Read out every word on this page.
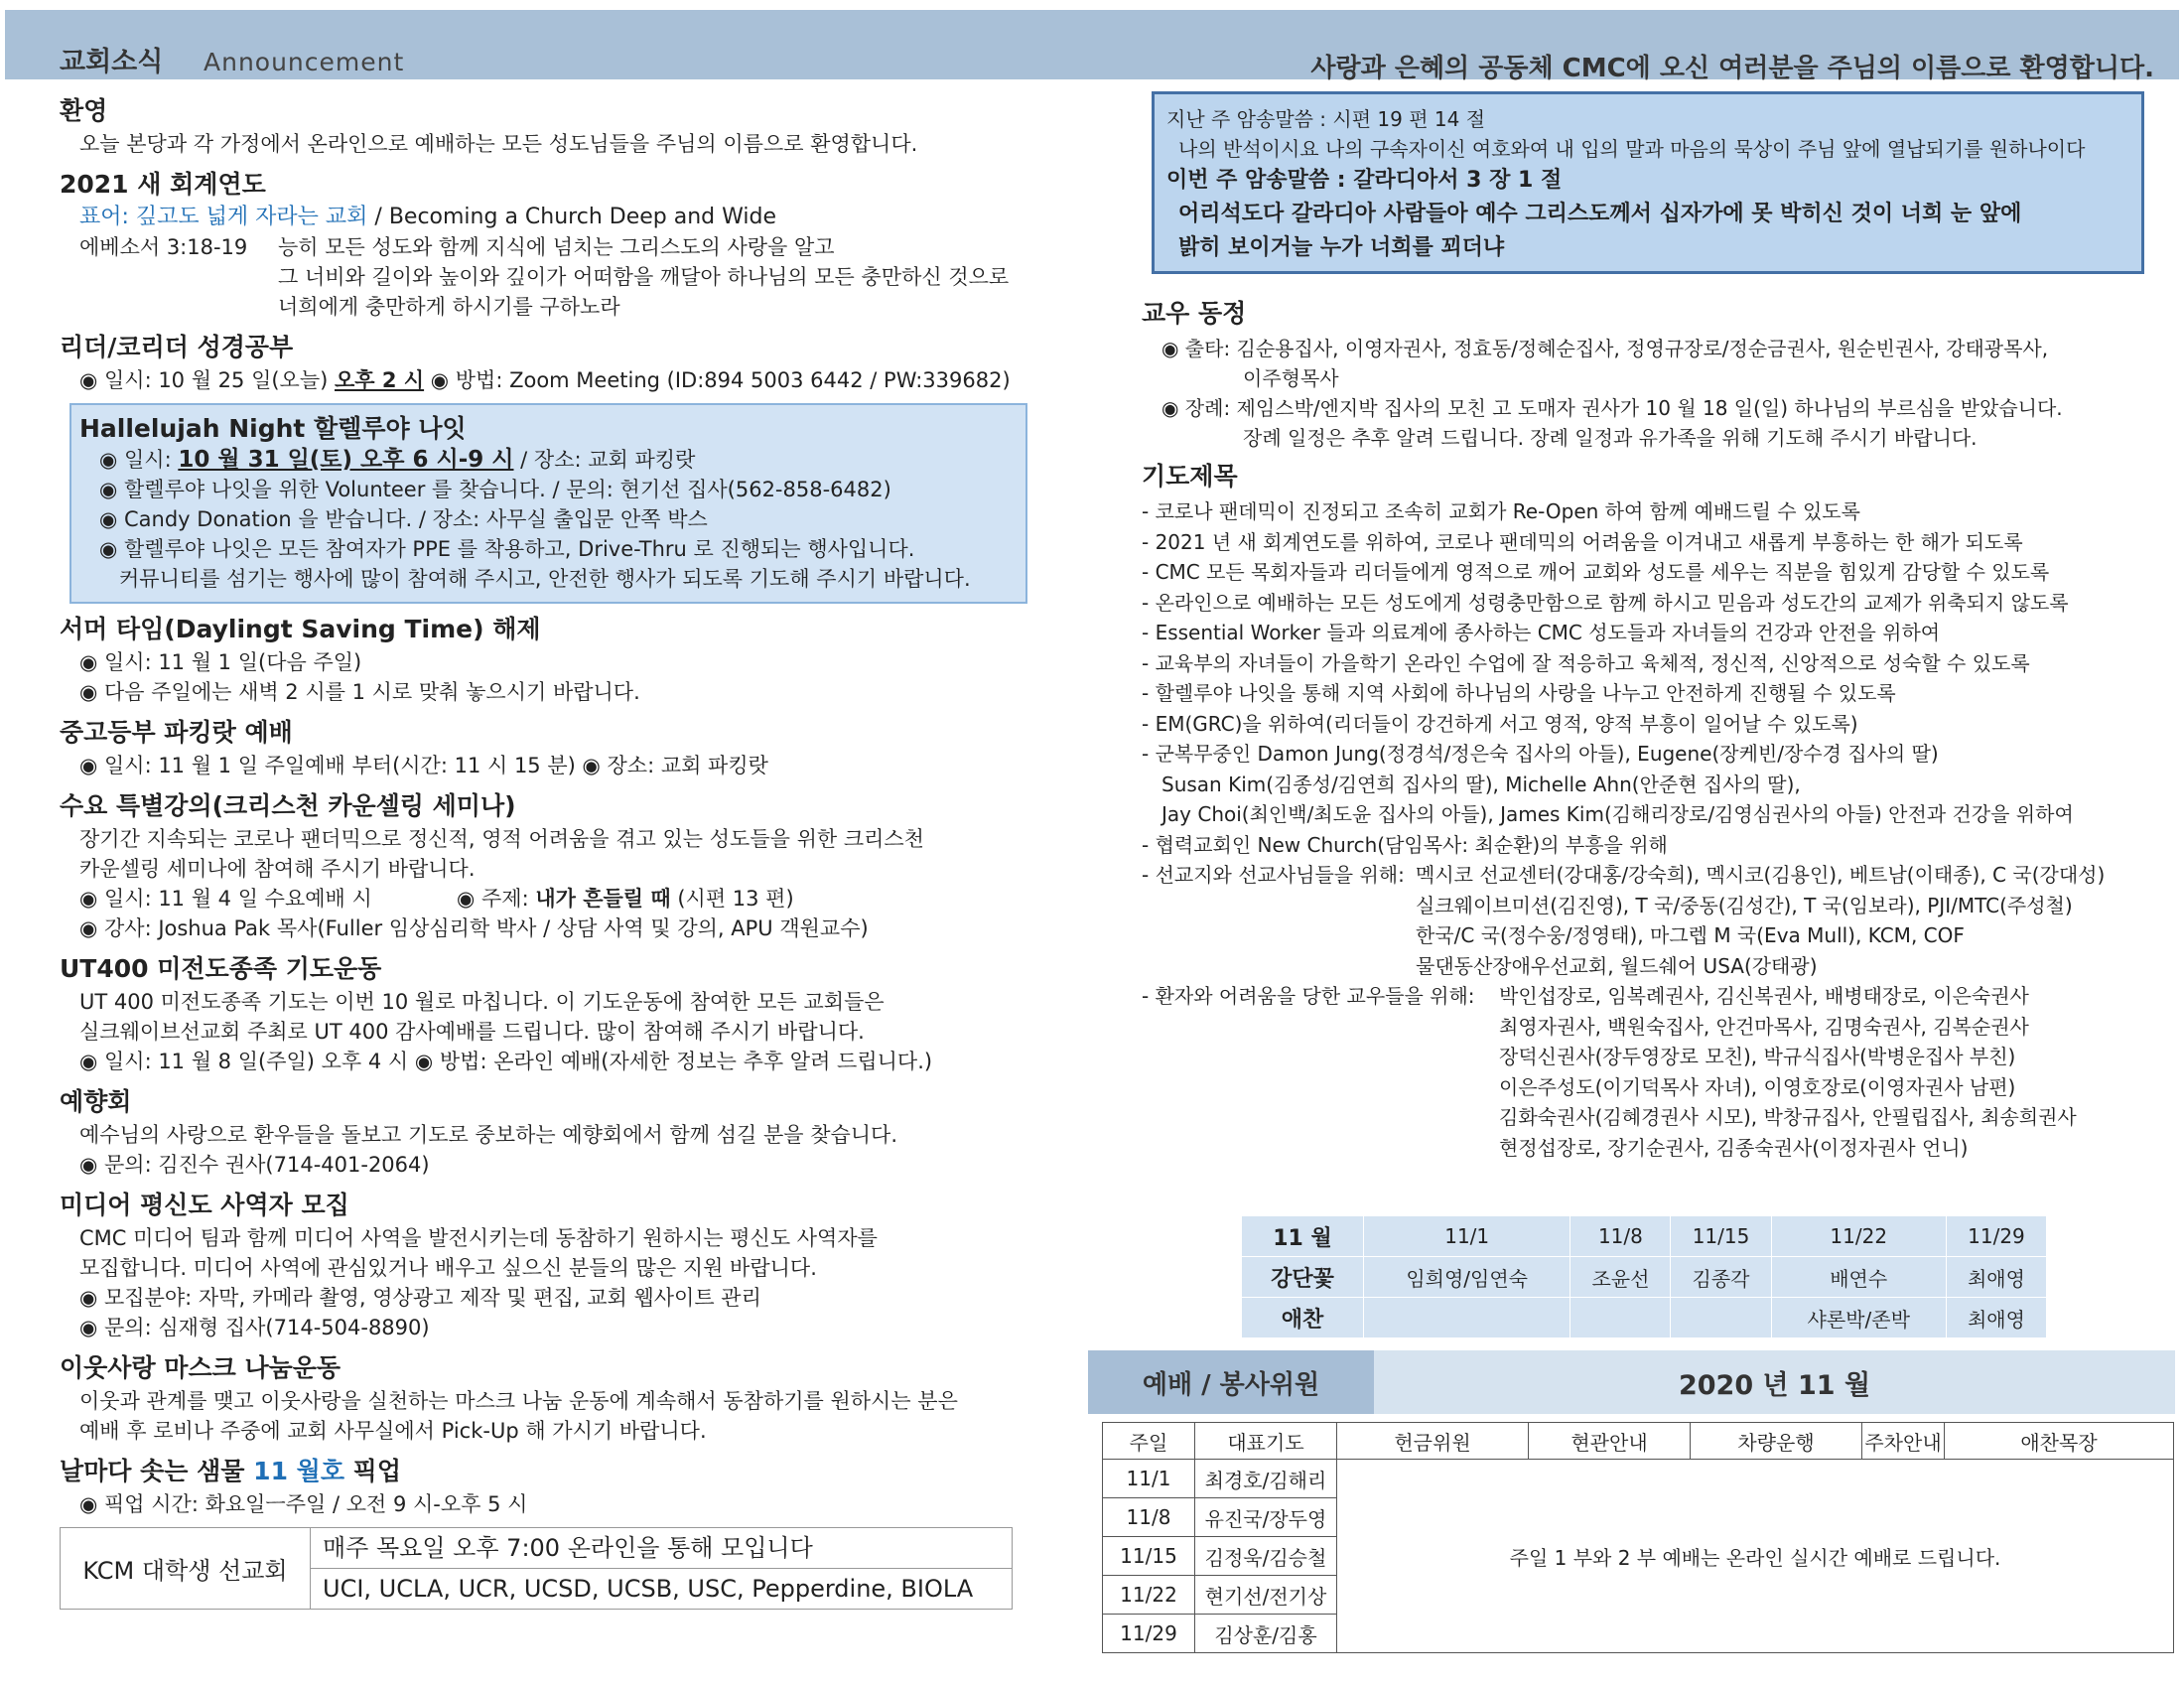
교회소식 Announcement	사랑과 은혜의 공동체 CMC에 오신 여러분을 주님의 이름으로 환영합니다.
환영
오늘 본당과 각 가정에서 온라인으로 예배하는 모든 성도님들을 주님의 이름으로 환영합니다.
2021 새 회계연도
표어: 깊고도 넓게 자라는 교회 / Becoming a Church Deep and Wide
에베소서 3:18-19	능히 모든 성도와 함께 지식에 넘치는 그리스도의 사랑을 알고
그 너비와 길이와 높이와 깊이가 어떠함을 깨달아 하나님의 모든 충만하신 것으로
너희에게 충만하게 하시기를 구하노라
리더/코리더 성경공부
◉ 일시: 10 월 25 일(오늘) 오후 2 시 ◉ 방법: Zoom Meeting (ID:894 5003 6442 / PW:339682)
Hallelujah Night 할렐루야 나잇
◉ 일시: 10 월 31 일(토) 오후 6 시-9 시 / 장소: 교회 파킹랏
◉ 할렐루야 나잇을 위한 Volunteer 를 찾습니다. / 문의: 현기선 집사(562-858-6482)
◉ Candy Donation 을 받습니다. / 장소: 사무실 출입문 안쪽 박스
◉ 할렐루야 나잇은 모든 참여자가 PPE 를 착용하고, Drive-Thru 로 진행되는 행사입니다.
커뮤니티를 섬기는 행사에 많이 참여해 주시고, 안전한 행사가 되도록 기도해 주시기 바랍니다.
서머 타임(Daylingt Saving Time) 해제
◉ 일시: 11 월 1 일(다음 주일)
◉ 다음 주일에는 새벽 2 시를 1 시로 맞춰 놓으시기 바랍니다.
중고등부 파킹랏 예배
◉ 일시: 11 월 1 일 주일예배 부터(시간: 11 시 15 분) ◉ 장소: 교회 파킹랏
수요 특별강의(크리스천 카운셀링 세미나)
장기간 지속되는 코로나 팬더믹으로 정신적, 영적 어려움을 겪고 있는 성도들을 위한 크리스천
카운셀링 세미나에 참여해 주시기 바랍니다.
◉ 일시: 11 월 4 일 수요예배 시	◉ 주제: 내가 흔들릴 때 (시편 13 편)
◉ 강사: Joshua Pak 목사(Fuller 임상심리학 박사 / 상담 사역 및 강의, APU 객원교수)
UT400 미전도종족 기도운동
UT 400 미전도종족 기도는 이번 10 월로 마칩니다. 이 기도운동에 참여한 모든 교회들은
실크웨이브선교회 주최로 UT 400 감사예배를 드립니다. 많이 참여해 주시기 바랍니다.
◉ 일시: 11 월 8 일(주일) 오후 4 시 ◉ 방법: 온라인 예배(자세한 정보는 추후 알려 드립니다.)
예향회
예수님의 사랑으로 환우들을 돌보고 기도로 중보하는 예향회에서 함께 섬길 분을 찾습니다.
◉ 문의: 김진수 권사(714-401-2064)
미디어 평신도 사역자 모집
CMC 미디어 팀과 함께 미디어 사역을 발전시키는데 동참하기 원하시는 평신도 사역자를
모집합니다. 미디어 사역에 관심있거나 배우고 싶으신 분들의 많은 지원 바랍니다.
◉ 모집분야: 자막, 카메라 촬영, 영상광고 제작 및 편집, 교회 웹사이트 관리
◉ 문의: 심재형 집사(714-504-8890)
이웃사랑 마스크 나눔운동
이웃과 관계를 맺고 이웃사랑을 실천하는 마스크 나눔 운동에 계속해서 동참하기를 원하시는 분은
예배 후 로비나 주중에 교회 사무실에서 Pick-Up 해 가시기 바랍니다.
날마다 솟는 샘물 11 월호 픽업
◉ 픽업 시간: 화요일ㅡ주일 / 오전 9 시-오후 5 시
KCM 대학생 선교회
매주 목요일 오후 7:00 온라인을 통해 모입니다
UCI, UCLA, UCR, UCSD, UCSB, USC, Pepperdine, BIOLA
지난 주 암송말씀 : 시편 19 편 14 절
나의 반석이시요 나의 구속자이신 여호와여 내 입의 말과 마음의 묵상이 주님 앞에 열납되기를 원하나이다
이번 주 암송말씀 : 갈라디아서 3 장 1 절
어리석도다 갈라디아 사람들아 예수 그리스도께서 십자가에 못 박히신 것이 너희 눈 앞에
밝히 보이거늘 누가 너희를 꾀더냐
교우 동정
◉ 출타: 김순용집사, 이영자권사, 정효동/정혜순집사, 정영규장로/정순금권사, 원순빈권사, 강태광목사,
이주형목사
◉ 장례: 제임스박/엔지박 집사의 모친 고 도매자 권사가 10 월 18 일(일) 하나님의 부르심을 받았습니다.
장례 일정은 추후 알려 드립니다. 장례 일정과 유가족을 위해 기도해 주시기 바랍니다.
기도제목
- 코로나 팬데믹이 진정되고 조속히 교회가 Re-Open 하여 함께 예배드릴 수 있도록
- 2021 년 새 회계연도를 위하여, 코로나 팬데믹의 어려움을 이겨내고 새롭게 부흥하는 한 해가 되도록
- CMC 모든 목회자들과 리더들에게 영적으로 깨어 교회와 성도를 세우는 직분을 힘있게 감당할 수 있도록
- 온라인으로 예배하는 모든 성도에게 성령충만함으로 함께 하시고 믿음과 성도간의 교제가 위축되지 않도록
- Essential Worker 들과 의료계에 종사하는 CMC 성도들과 자녀들의 건강과 안전을 위하여
- 교육부의 자녀들이 가을학기 온라인 수업에 잘 적응하고 육체적, 정신적, 신앙적으로 성숙할 수 있도록
- 할렐루야 나잇을 통해 지역 사회에 하나님의 사랑을 나누고 안전하게 진행될 수 있도록
- EM(GRC)을 위하여(리더들이 강건하게 서고 영적, 양적 부흥이 일어날 수 있도록)
- 군복무중인 Damon Jung(정경석/정은숙 집사의 아들), Eugene(장케빈/장수경 집사의 딸)
Susan Kim(김종성/김연희 집사의 딸), Michelle Ahn(안준현 집사의 딸),
Jay Choi(최인백/최도윤 집사의 아들), James Kim(김해리장로/김영심권사의 아들) 안전과 건강을 위하여
- 협력교회인 New Church(담임목사: 최순환)의 부흥을 위해
- 선교지와 선교사님들을 위해: 멕시코 선교센터(강대홍/강숙희), 멕시코(김용인), 베트남(이태종), C 국(강대성)
실크웨이브미션(김진영), T 국/중동(김성간), T 국(임보라), PJI/MTC(주성철)
한국/C 국(정수웅/정영태), 마그렙 M 국(Eva Mull), KCM, COF
물댄동산장애우선교회, 월드쉐어 USA(강태광)
- 환자와 어려움을 당한 교우들을 위해:	박인섭장로, 임복례권사, 김신복권사, 배병태장로, 이은숙권사
최영자권사, 백원숙집사, 안건마목사, 김명숙권사, 김복순권사
장덕신권사(장두영장로 모친), 박규식집사(박병운집사 부친)
이은주성도(이기덕목사 자녀), 이영호장로(이영자권사 남편)
김화숙권사(김혜경권사 시모), 박창규집사, 안필립집사, 최송희권사
현정섭장로, 장기순권사, 김종숙권사(이정자권사 언니)
11 월	11/1	11/8	11/15	11/22	11/29
강단꽃	임희영/임연숙	조윤선	김종각	배연수	최애영
애찬				샤론박/존박	최애영
예배 / 봉사위원	2020 년 11 월
주일	대표기도	헌금위원	현관안내	차량운행	주차안내	애찬목장
11/1	최경호/김해리	주일 1 부와 2 부 예배는 온라인 실시간 예배로 드립니다.				
11/8	유진국/장두영					
11/15	김정욱/김승철					
11/22	현기선/전기상					
11/29	김상훈/김홍					
